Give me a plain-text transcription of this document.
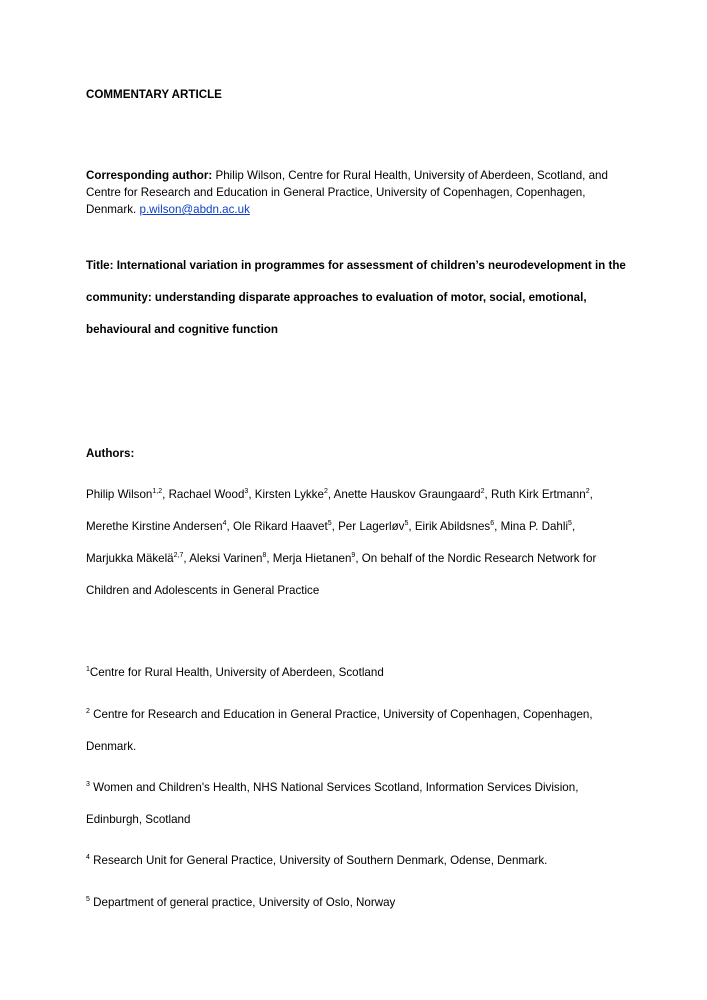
COMMENTARY ARTICLE

Corresponding author: Philip Wilson, Centre for Rural Health, University of Aberdeen, Scotland, and

Centre for Research and Education in General Practice, University of Copenhagen, Copenhagen,

Denmark. p.wilson@abdn.ac.uk

Title: International variation in programmes for assessment of children’s neurodevelopment in the

community: understanding disparate approaches to evaluation of motor, social, emotional,

behavioural and cognitive function

Authors:

Philip Wilson$^{1,2}$, Rachael Wood$^3$, Kirsten Lykke$^2$, Anette Hauskov Graungaard$^2$, Ruth Kirk Ertmann$^2$,

Merethe Kirstine Andersen$^4$, Ole Rikard Haavet$^5$, Per Lagerløv$^5$, Eirik Abildsnes$^6$, Mina P. Dahli$^5$,

Marjukka Mäkelä$^{2,7}$, Aleksi Varinen$^8$, Merja Hietanen$^9$, On behalf of the Nordic Research Network for

Children and Adolescents in General Practice

$^1$Centre for Rural Health, University of Aberdeen, Scotland

$^2$ Centre for Research and Education in General Practice, University of Copenhagen, Copenhagen,

Denmark.

$^3$ Women and Children's Health, NHS National Services Scotland, Information Services Division,

Edinburgh, Scotland

$^4$ Research Unit for General Practice, University of Southern Denmark, Odense, Denmark.

$^5$ Department of general practice, University of Oslo, Norway
